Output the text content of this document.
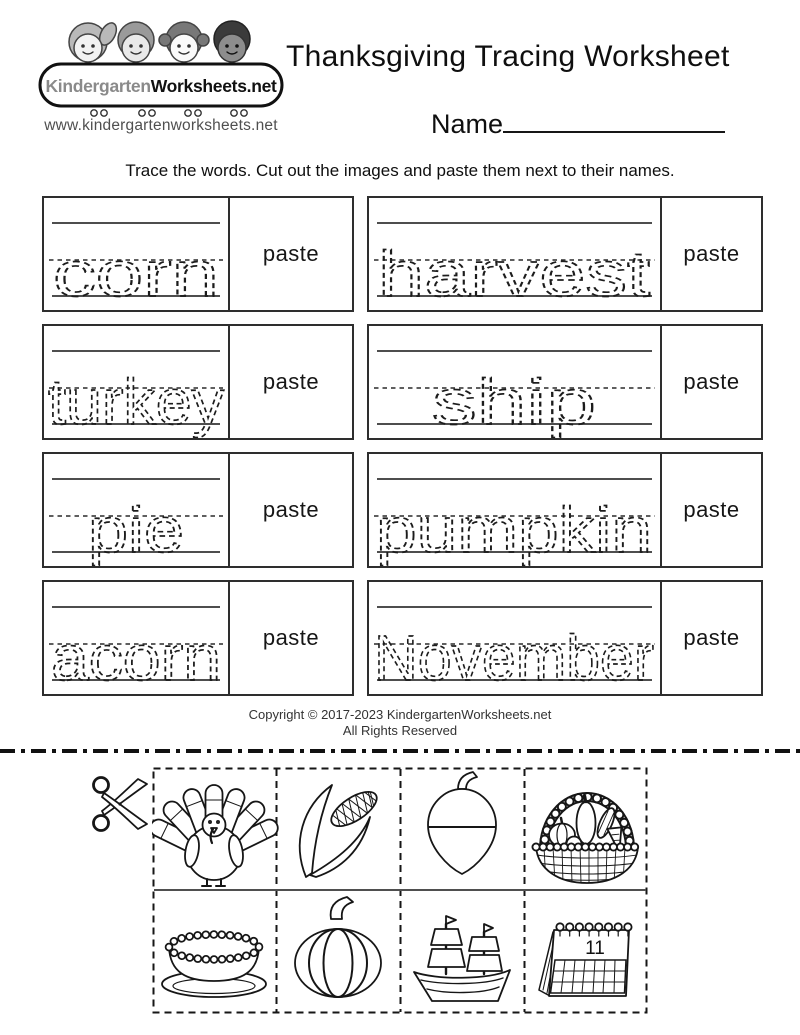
KindergartenWorksheets.net
www.kindergartenworksheets.net
Thanksgiving Tracing Worksheet
Name
Trace the words. Cut out the images and paste them next to their names.
corn	paste harvest	paste
turkey	paste	ship	paste
pie	paste pumpkin	paste
acorn	paste November	paste
Copyright © 2017-2023 KindergartenWorksheets.net
All Rights Reserved
11
